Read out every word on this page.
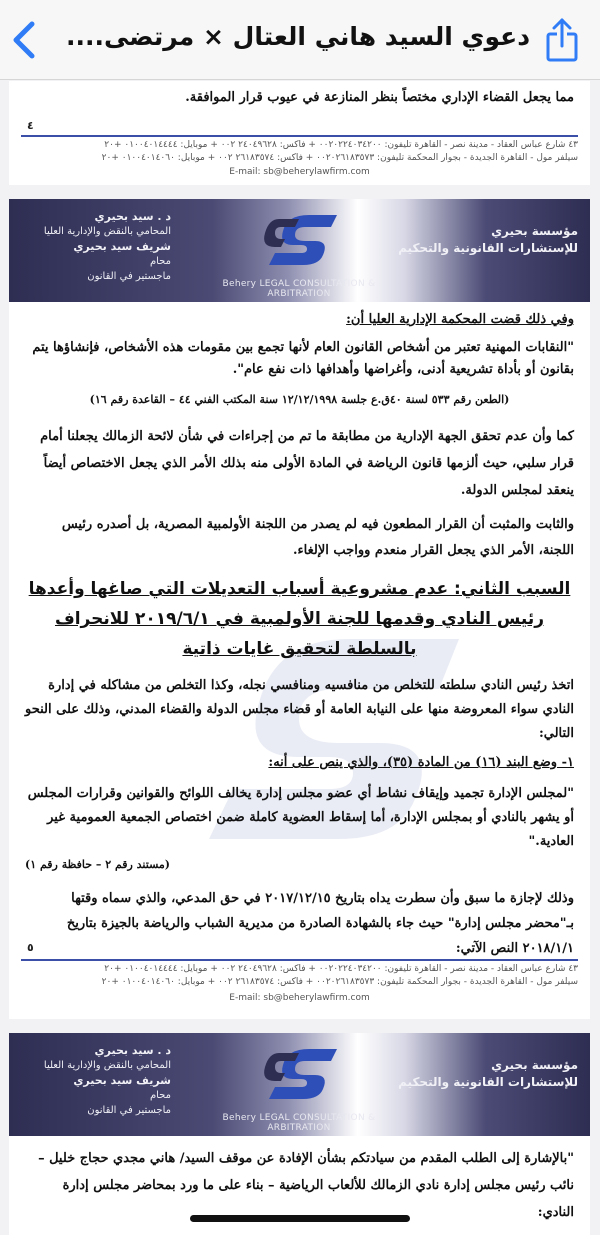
دعوي السيد هاني العتال × مرتضى....
مما يجعل القضاء الإداري مختصاً بنظر المنازعة في عيوب قرار الموافقة.
٤
٤٣ شارع عباس العقاد - مدينة نصر - القاهرة تليفون: ٠٠٢٠٢٢٤٠٣٤٢٠٠ + فاكس: ٢٤٠٤٩٦٢٨ ٠٠٢ + موبايل: ٠١٠٠٤٠١٤٤٤٤ +٢٠
سيلفر مول - القاهرة الجديدة - بجوار المحكمة تليفون: ٠٠٢٠٢٦١٨٣٥٧٣ + فاكس: ٢٦١٨٣٥٧٤ ٠٠٢ + موبايل: ٠١٠٠٤٠١٤٠٦٠ +٢٠
E-mail: sb@beherylawfirm.com
د . سيد بحيري
المحامي بالنقض والإدارية العليا
شريف سيد بحيري
محام
ماجستير في القانون
Behery LEGAL CONSULTATION & ARBITRATION
مؤسسة بحيري
للإستشارات القانونية والتحكيم
وفي ذلك قضت المحكمة الإدارية العليا أن:
"النقابات المهنية تعتبر من أشخاص القانون العام لأنها تجمع بين مقومات هذه الأشخاص، فإنشاؤها يتم بقانون أو بأداة تشريعية أدنى، وأغراضها وأهدافها ذات نفع عام".
(الطعن رقم ٥٣٣ لسنة ٤٠ق.ع جلسة ١٢/١٢/١٩٩٨ سنة المكتب الفني ٤٤ – القاعدة رقم ١٦)
كما وأن عدم تحقق الجهة الإدارية من مطابقة ما تم من إجراءات في شأن لائحة الزمالك يجعلنا أمام قرار سلبي، حيث ألزمها قانون الرياضة في المادة الأولى منه بذلك الأمر الذي يجعل الاختصاص أيضاً ينعقد لمجلس الدولة.
والثابت والمثبت أن القرار المطعون فيه لم يصدر من اللجنة الأولمبية المصرية، بل أصدره رئيس اللجنة، الأمر الذي يجعل القرار منعدم وواجب الإلغاء.
السبب الثاني: عدم مشروعية أسباب التعديلات التي صاغها وأعدها رئيس النادي وقدمها للجنة الأولمبية في ٢٠١٩/٦/١ للانحراف بالسلطة لتحقيق غايات ذاتية
اتخذ رئيس النادي سلطته للتخلص من منافسيه ومنافسي نجله، وكذا التخلص من مشاكله في إدارة النادي سواء المعروضة منها على النيابة العامة أو قضاء مجلس الدولة والقضاء المدني، وذلك على النحو التالي:
١- وضع البند (١٦) من المادة (٣٥)، والذي ينص على أنه:
"لمجلس الإدارة تجميد وإيقاف نشاط أي عضو مجلس إدارة يخالف اللوائح والقوانين وقرارات المجلس أو يشهر بالنادي أو بمجلس الإدارة، أما إسقاط العضوية كاملة ضمن اختصاص الجمعية العمومية غير العادية."
(مستند رقم ٢ – حافظة رقم ١)
وذلك لإجازة ما سبق وأن سطرت يداه بتاريخ ٢٠١٧/١٢/١٥ في حق المدعي، والذي سماه وقتها بـ"محضر مجلس إدارة" حيث جاء بالشهادة الصادرة من مديرية الشباب والرياضة بالجيزة بتاريخ ٢٠١٨/١/١ النص الآتي:
٥
٤٣ شارع عباس العقاد - مدينة نصر - القاهرة تليفون: ٠٠٢٠٢٢٤٠٣٤٢٠٠ + فاكس: ٢٤٠٤٩٦٢٨ ٠٠٢ + موبايل: ٠١٠٠٤٠١٤٤٤٤ +٢٠
سيلفر مول - القاهرة الجديدة - بجوار المحكمة تليفون: ٠٠٢٠٢٦١٨٣٥٧٣ + فاكس: ٢٦١٨٣٥٧٤ ٠٠٢ + موبايل: ٠١٠٠٤٠١٤٠٦٠ +٢٠
E-mail: sb@beherylawfirm.com
د . سيد بحيري
المحامي بالنقض والإدارية العليا
شريف سيد بحيري
محام
ماجستير في القانون
Behery LEGAL CONSULTATION & ARBITRATION
مؤسسة بحيري
للإستشارات القانونية والتحكيم
"بالإشارة إلى الطلب المقدم من سيادتكم بشأن الإفادة عن موقف السيد/ هاني مجدي حجاج خليل – نائب رئيس مجلس إدارة نادي الزمالك للألعاب الرياضية – بناء على ما ورد بمحاضر مجلس إدارة النادي:
